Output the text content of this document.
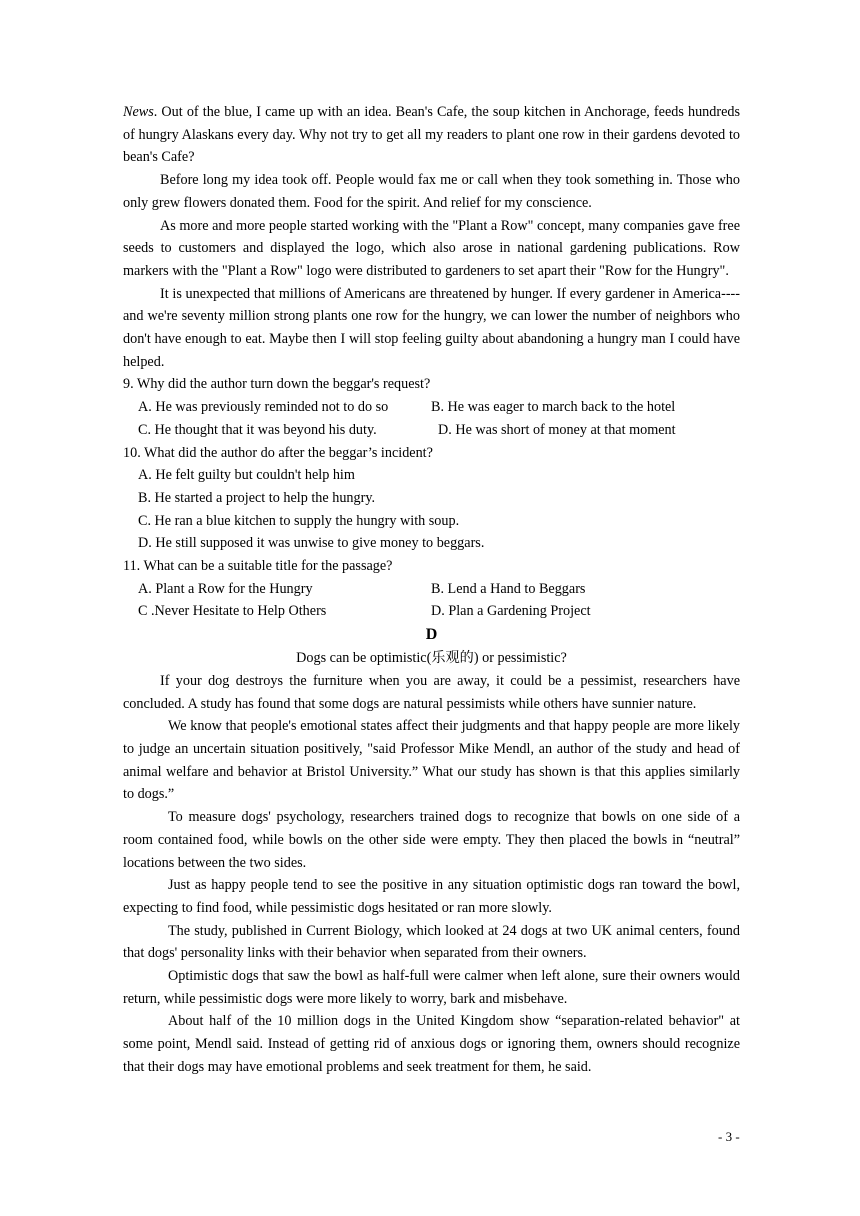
News. Out of the blue, I came up with an idea. Bean's Cafe, the soup kitchen in Anchorage, feeds hundreds of hungry Alaskans every day. Why not try to get all my readers to plant one row in their gardens devoted to bean's Cafe?

Before long my idea took off. People would fax me or call when they took something in. Those who only grew flowers donated them. Food for the spirit. And relief for my conscience.

As more and more people started working with the "Plant a Row" concept, many companies gave free seeds to customers and displayed the logo, which also arose in national gardening publications. Row markers with the "Plant a Row" logo were distributed to gardeners to set apart their "Row for the Hungry".

It is unexpected that millions of Americans are threatened by hunger. If every gardener in America----and we're seventy million strong plants one row for the hungry, we can lower the number of neighbors who don't have enough to eat. Maybe then I will stop feeling guilty about abandoning a hungry man I could have helped.

9. Why did the author turn down the beggar's request?

A. He was previously reminded not to do so	B. He was eager to march back to the hotel
C. He thought that it was beyond his duty.	D. He was short of money at that moment

10. What did the author do after the beggar’s incident?

A. He felt guilty but couldn't help him

B. He started a project to help the hungry.

C. He ran a blue kitchen to supply the hungry with soup.

D. He still supposed it was unwise to give money to beggars.

11. What can be a suitable title for the passage?

A. Plant a Row for the Hungry	B. Lend a Hand to Beggars
C .Never Hesitate to Help Others	D. Plan a Gardening Project

D

Dogs can be optimistic(乐观的) or pessimistic?

If your dog destroys the furniture when you are away, it could be a pessimist, researchers have concluded. A study has found that some dogs are natural pessimists while others have sunnier nature.

We know that people's emotional states affect their judgments and that happy people are more likely to judge an uncertain situation positively, "said Professor Mike Mendl, an author of the study and head of animal welfare and behavior at Bristol University.” What our study has shown is that this applies similarly to dogs.”

To measure dogs' psychology, researchers trained dogs to recognize that bowls on one side of a room contained food, while bowls on the other side were empty. They then placed the bowls in “neutral” locations between the two sides.

Just as happy people tend to see the positive in any situation optimistic dogs ran toward the bowl, expecting to find food, while pessimistic dogs hesitated or ran more slowly.

The study, published in Current Biology, which looked at 24 dogs at two UK animal centers, found that dogs' personality links with their behavior when separated from their owners.

Optimistic dogs that saw the bowl as half-full were calmer when left alone, sure their owners would return, while pessimistic dogs were more likely to worry, bark and misbehave.

About half of the 10 million dogs in the United Kingdom show “separation-related behavior" at some point, Mendl said. Instead of getting rid of anxious dogs or ignoring them, owners should recognize that their dogs may have emotional problems and seek treatment for them, he said.

- 3 -
